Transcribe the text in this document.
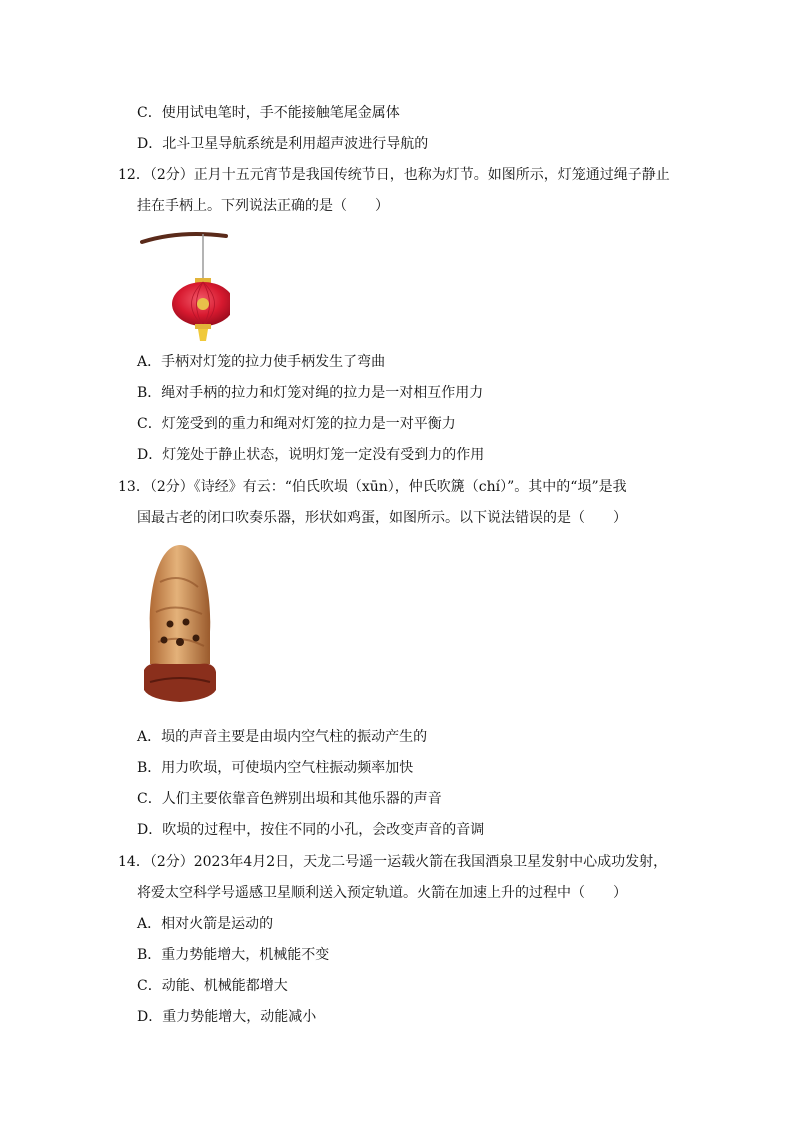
C．使用试电笔时，手不能接触笔尾金属体
D．北斗卫星导航系统是利用超声波进行导航的
12．（2分）正月十五元宵节是我国传统节日，也称为灯节。如图所示，灯笼通过绳子静止
挂在手柄上。下列说法正确的是（　　）
A．手柄对灯笼的拉力使手柄发生了弯曲
B．绳对手柄的拉力和灯笼对绳的拉力是一对相互作用力
C．灯笼受到的重力和绳对灯笼的拉力是一对平衡力
D．灯笼处于静止状态，说明灯笼一定没有受到力的作用
13．（2分）《诗经》有云：“伯氏吹埙（xūn），仲氏吹篪（chí）”。其中的“埙”是我
国最古老的闭口吹奏乐器，形状如鸡蛋，如图所示。以下说法错误的是（　　）
A．埙的声音主要是由埙内空气柱的振动产生的
B．用力吹埙，可使埙内空气柱振动频率加快
C．人们主要依靠音色辨别出埙和其他乐器的声音
D．吹埙的过程中，按住不同的小孔，会改变声音的音调
14．（2分）2023年4月2日，天龙二号遥一运载火箭在我国酒泉卫星发射中心成功发射，
将爱太空科学号遥感卫星顺利送入预定轨道。火箭在加速上升的过程中（　　）
A．相对火箭是运动的
B．重力势能增大，机械能不变
C．动能、机械能都增大
D．重力势能增大，动能减小
